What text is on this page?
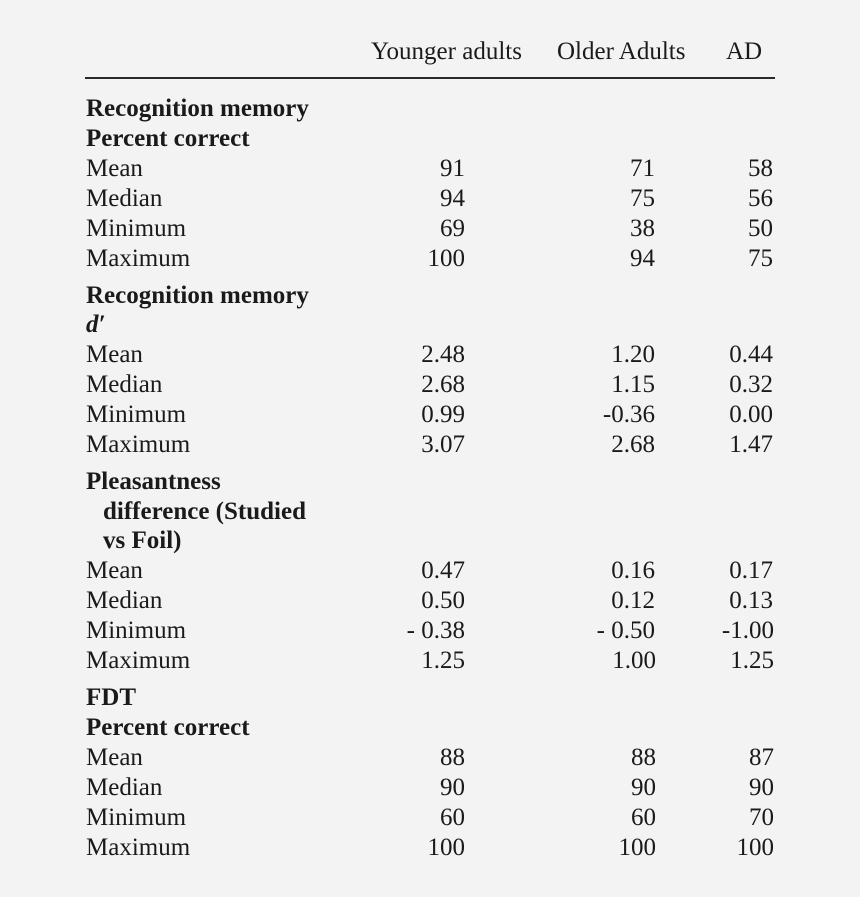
Younger adults Older Adults AD
Recognition memory
Percent correct
Mean	91	71	58
Median	94	75	56
Minimum	69	38	50
Maximum	100	94	75
Recognition memory
d′
Mean	2.48	1.20	0.44
Median	2.68	1.15	0.32
Minimum	0.99	-0.36	0.00
Maximum	3.07	2.68	1.47
Pleasantness
difference (Studied
vs Foil)
Mean	0.47	0.16	0.17
Median	0.50	0.12	0.13
Minimum	- 0.38	- 0.50	-1.00
Maximum	1.25	1.00	1.25
FDT
Percent correct
Mean	88	88	87
Median	90	90	90
Minimum	60	60	70
Maximum	100	100	100
